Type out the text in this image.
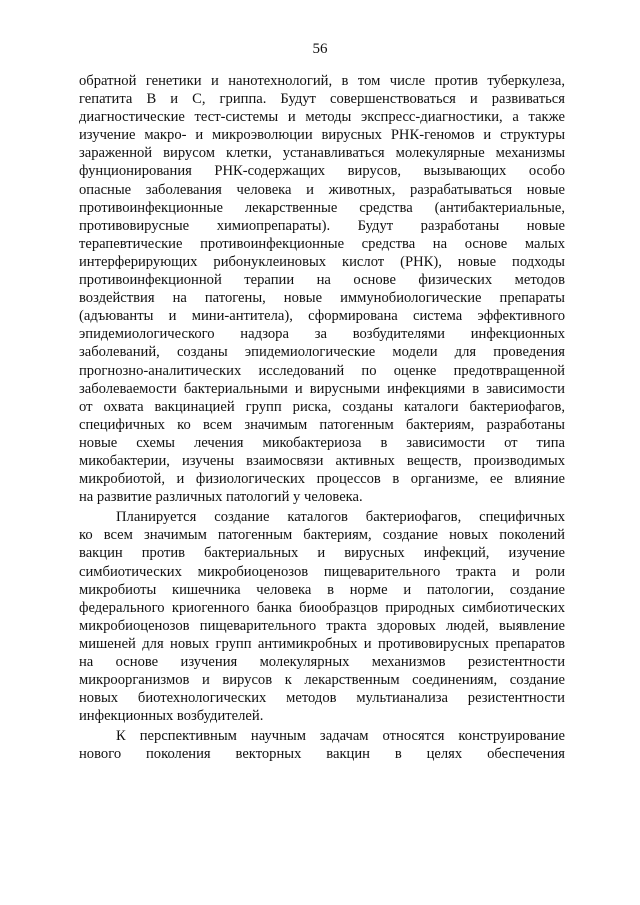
56
обратной генетики и нанотехнологий, в том числе против туберкулеза,
гепатита В и С, гриппа. Будут совершенствоваться и развиваться
диагностические тест-системы и методы экспресс-диагностики, а также
изучение макро- и микроэволюции вирусных РНК-геномов и структуры
зараженной вирусом клетки, устанавливаться молекулярные механизмы
фунционирования РНК-содержащих вирусов, вызывающих особо
опасные заболевания человека и животных, разрабатываться новые
противоинфекционные лекарственные средства (антибактериальные,
противовирусные химиопрепараты). Будут разработаны новые
терапевтические противоинфекционные средства на основе малых
интерферирующих рибонуклеиновых кислот (РНК), новые подходы
противоинфекционной терапии на основе физических методов
воздействия на патогены, новые иммунобиологические препараты
(адъюванты и мини-антитела), сформирована система эффективного
эпидемиологического надзора за возбудителями инфекционных
заболеваний, созданы эпидемиологические модели для проведения
прогнозно-аналитических исследований по оценке предотвращенной
заболеваемости бактериальными и вирусными инфекциями в зависимости
от охвата вакцинацией групп риска, созданы каталоги бактериофагов,
специфичных ко всем значимым патогенным бактериям, разработаны
новые схемы лечения микобактериоза в зависимости от типа
микобактерии, изучены взаимосвязи активных веществ, производимых
микробиотой, и физиологических процессов в организме, ее влияние
на развитие различных патологий у человека.
Планируется создание каталогов бактериофагов, специфичных
ко всем значимым патогенным бактериям, создание новых поколений
вакцин против бактериальных и вирусных инфекций, изучение
симбиотических микробиоценозов пищеварительного тракта и роли
микробиоты кишечника человека в норме и патологии, создание
федерального криогенного банка биообразцов природных симбиотических
микробиоценозов пищеварительного тракта здоровых людей, выявление
мишеней для новых групп антимикробных и противовирусных препаратов
на основе изучения молекулярных механизмов резистентности
микроорганизмов и вирусов к лекарственным соединениям, создание
новых биотехнологических методов мультианализа резистентности
инфекционных возбудителей.
К перспективным научным задачам относятся конструирование
нового поколения векторных вакцин в целях обеспечения
